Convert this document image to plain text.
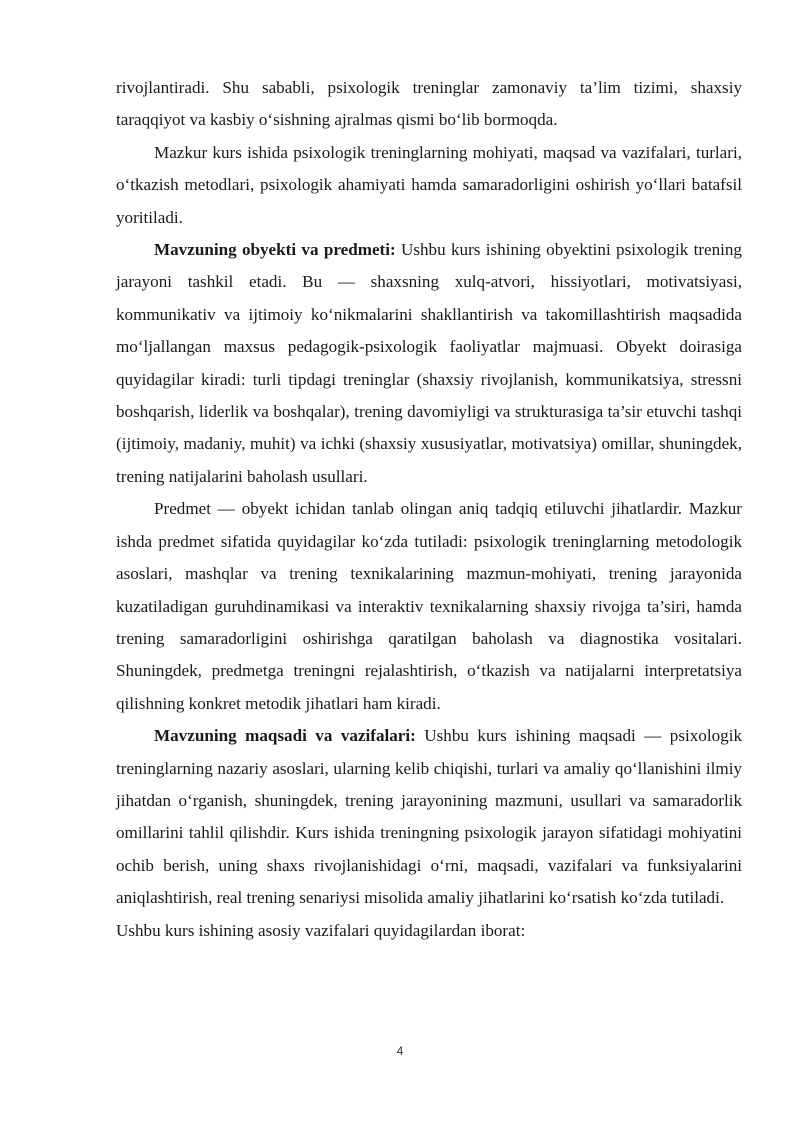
rivojlantiradi. Shu sababli, psixologik treninglar zamonaviy ta’lim tizimi, shaxsiy taraqqiyot va kasbiy o‘sishning ajralmas qismi bo‘lib bormoqda.

Mazkur kurs ishida psixologik treninglarning mohiyati, maqsad va vazifalari, turlari, o‘tkazish metodlari, psixologik ahamiyati hamda samaradorligini oshirish yo‘llari batafsil yoritiladi.

Mavzuning obyekti va predmeti: Ushbu kurs ishining obyektini psixologik trening jarayoni tashkil etadi. Bu — shaxsning xulq-atvori, hissiyotlari, motivatsiyasi, kommunikativ va ijtimoiy ko‘nikmalarini shakllantirish va takomillashtirish maqsadida mo‘ljallangan maxsus pedagogik-psixologik faoliyatlar majmuasi. Obyekt doirasiga quyidagilar kiradi: turli tipdagi treninglar (shaxsiy rivojlanish, kommunikatsiya, stressni boshqarish, liderlik va boshqalar), trening davomiyligi va strukturasiga ta’sir etuvchi tashqi (ijtimoiy, madaniy, muhit) va ichki (shaxsiy xususiyatlar, motivatsiya) omillar, shuningdek, trening natijalarini baholash usullari.

Predmet — obyekt ichidan tanlab olingan aniq tadqiq etiluvchi jihatlardir. Mazkur ishda predmet sifatida quyidagilar ko‘zda tutiladi: psixologik treninglarning metodologik asoslari, mashqlar va trening texnikalarining mazmun-mohiyati, trening jarayonida kuzatiladigan guruhdinamikasi va interaktiv texnikalarning shaxsiy rivojga ta’siri, hamda trening samaradorligini oshirishga qaratilgan baholash va diagnostika vositalari. Shuningdek, predmetga treningni rejalashtirish, o‘tkazish va natijalarni interpretatsiya qilishning konkret metodik jihatlari ham kiradi.

Mavzuning maqsadi va vazifalari: Ushbu kurs ishining maqsadi — psixologik treninglarning nazariy asoslari, ularning kelib chiqishi, turlari va amaliy qo‘llanishini ilmiy jihatdan o‘rganish, shuningdek, trening jarayonining mazmuni, usullari va samaradorlik omillarini tahlil qilishdir. Kurs ishida treningning psixologik jarayon sifatidagi mohiyatini ochib berish, uning shaxs rivojlanishidagi o‘rni, maqsadi, vazifalari va funksiyalarini aniqlashtirish, real trening senariysi misolida amaliy jihatlarini ko‘rsatish ko‘zda tutiladi.

Ushbu kurs ishining asosiy vazifalari quyidagilardan iborat:

4
